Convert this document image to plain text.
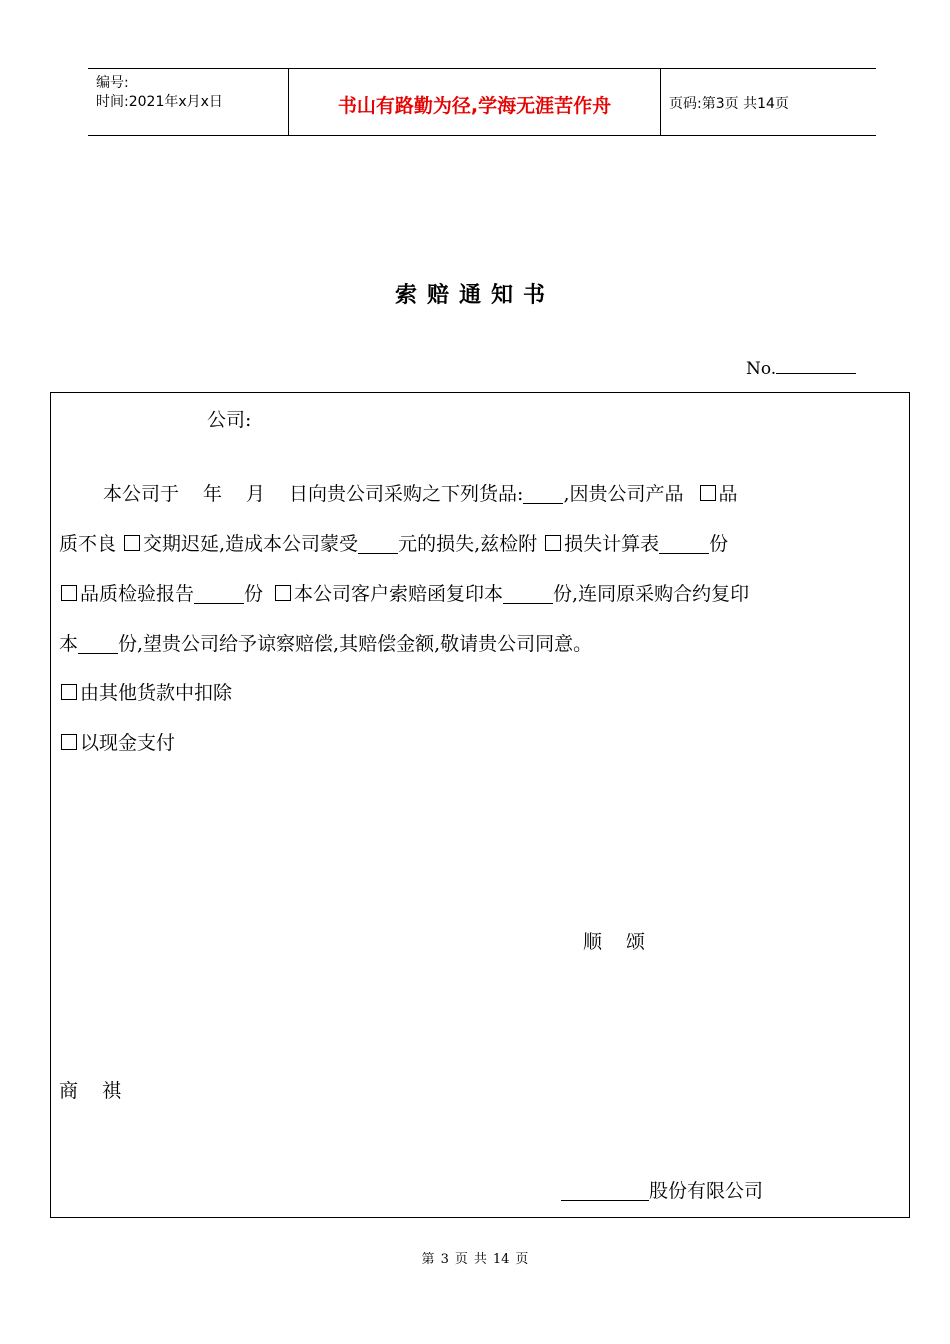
编号:
时间:2021年x月x日	书山有路勤为径,学海无涯苦作舟	页码:第3页 共14页
索赔通知书
No.
公司:
本公司于 年 月 日向贵公司采购之下列货品: ,因贵公司产品 品
质不良 交期迟延,造成本公司蒙受 元的损失,兹检附 损失计算表	份
品质检验报告	份 本公司客户索赔函复印本	份,连同原采购合约复印
本 份,望贵公司给予谅察赔偿,其赔偿金额,敬请贵公司同意。
由其他货款中扣除
以现金支付
顺 颂
商 祺
股份有限公司
第 3 页 共 14 页
